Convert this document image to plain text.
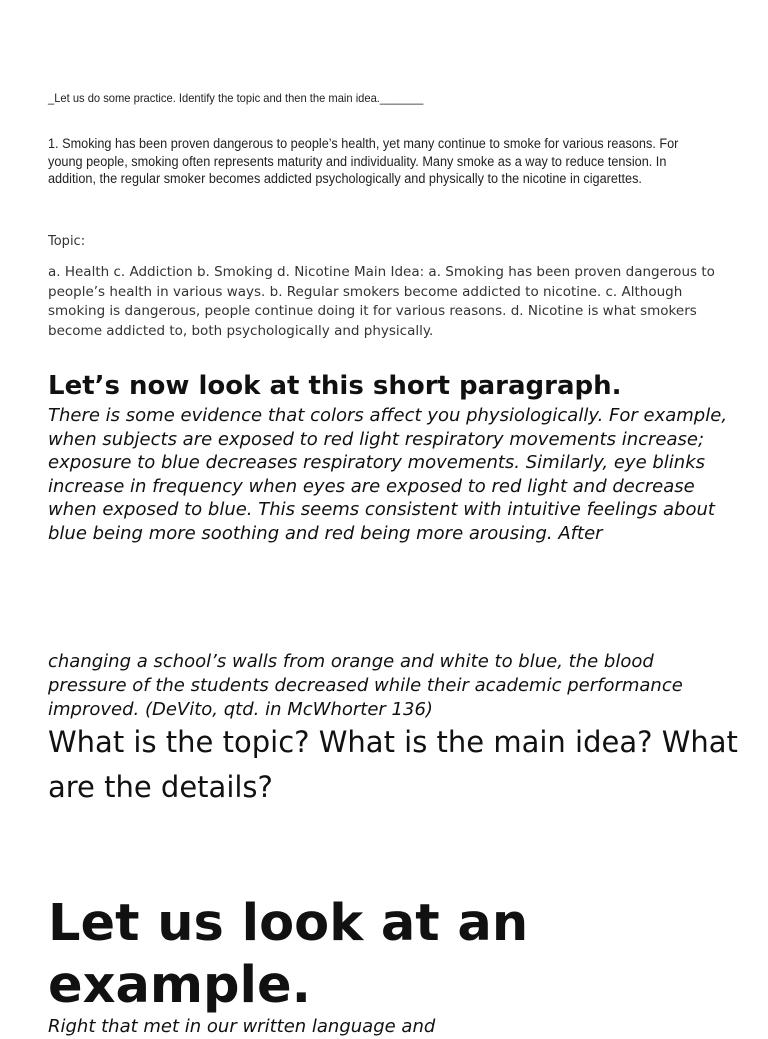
_Let us do some practice. Identify the topic and then the main idea._______

1. Smoking has been proven dangerous to people’s health, yet many continue to smoke for various reasons. For young people, smoking often represents maturity and individuality. Many smoke as a way to reduce tension. In addition, the regular smoker becomes addicted psychologically and physically to the nicotine in cigarettes.

Topic:

a. Health c. Addiction b. Smoking d. Nicotine Main Idea: a. Smoking has been proven dangerous to people’s health in various ways. b. Regular smokers become addicted to nicotine. c. Although smoking is dangerous, people continue doing it for various reasons. d. Nicotine is what smokers become addicted to, both psychologically and physically.

Let’s now look at this short paragraph.

There is some evidence that colors affect you physiologically. For example, when subjects are exposed to red light respiratory movements increase; exposure to blue decreases respiratory movements. Similarly, eye blinks increase in frequency when eyes are exposed to red light and decrease when exposed to blue. This seems consistent with intuitive feelings about blue being more soothing and red being more arousing. After

changing a school’s walls from orange and white to blue, the blood pressure of the students decreased while their academic performance improved. (DeVito, qtd. in McWhorter 136)

What is the topic? What is the main idea? What are the details?

Let us look at an example.

Right that met in our written language and
